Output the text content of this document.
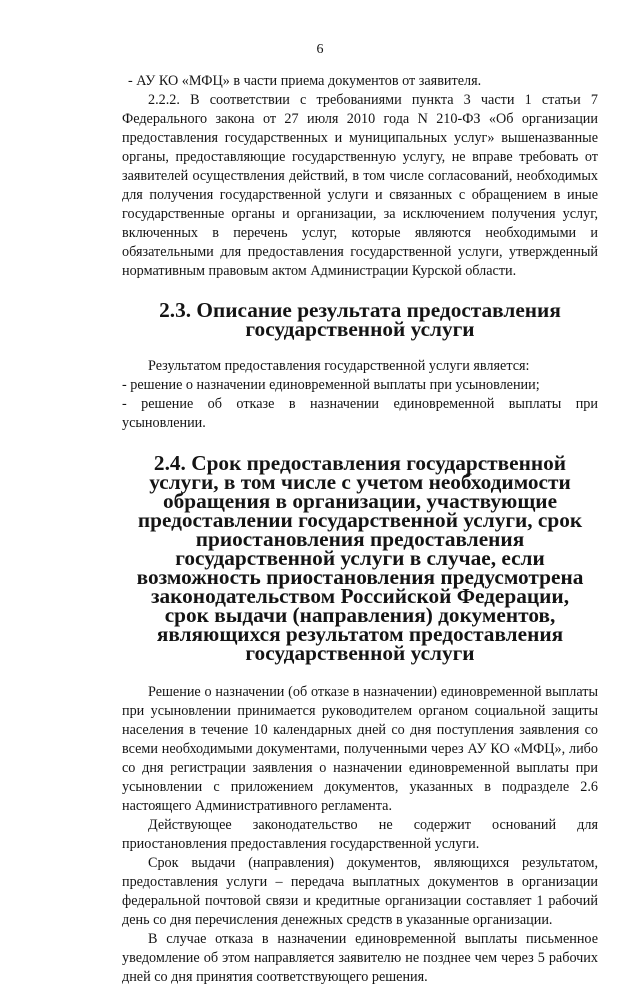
6

- АУ КО «МФЦ» в части приема документов от заявителя.

2.2.2. В соответствии с требованиями пункта 3 части 1 статьи 7 Федерального закона от 27 июля 2010 года N 210-ФЗ «Об организации предоставления государственных и муниципальных услуг» вышеназванные органы, предоставляющие государственную услугу, не вправе требовать от заявителей осуществления действий, в том числе согласований, необходимых для получения государственной услуги и связанных с обращением в иные государственные органы и организации, за исключением получения услуг, включенных в перечень услуг, которые являются необходимыми и обязательными для предоставления государственной услуги, утвержденный нормативным правовым актом Администрации Курской области.

2.3. Описание результата предоставления государственной услуги

Результатом предоставления государственной услуги является:

- решение о назначении единовременной выплаты при усыновлении;

- решение об отказе в назначении единовременной выплаты при усыновлении.

2.4. Срок предоставления государственной услуги, в том числе с учетом необходимости обращения в организации, участвующие предоставлении государственной услуги, срок приостановления предоставления государственной услуги в случае, если возможность приостановления предусмотрена законодательством Российской Федерации, срок выдачи (направления) документов, являющихся результатом предоставления государственной услуги

Решение о назначении (об отказе в назначении) единовременной выплаты при усыновлении принимается руководителем органом социальной защиты населения в течение 10 календарных дней со дня поступления заявления со всеми необходимыми документами, полученными через АУ КО «МФЦ», либо со дня регистрации заявления о назначении единовременной выплаты при усыновлении с приложением документов, указанных в подразделе 2.6 настоящего Административного регламента.

Действующее законодательство не содержит оснований для приостановления предоставления государственной услуги.

Срок выдачи (направления) документов, являющихся результатом, предоставления услуги – передача выплатных документов в организации федеральной почтовой связи и кредитные организации составляет 1 рабочий день со дня перечисления денежных средств в указанные организации.

В случае отказа в назначении единовременной выплаты письменное уведомление об этом направляется заявителю не позднее чем через 5 рабочих дней со дня принятия соответствующего решения.
